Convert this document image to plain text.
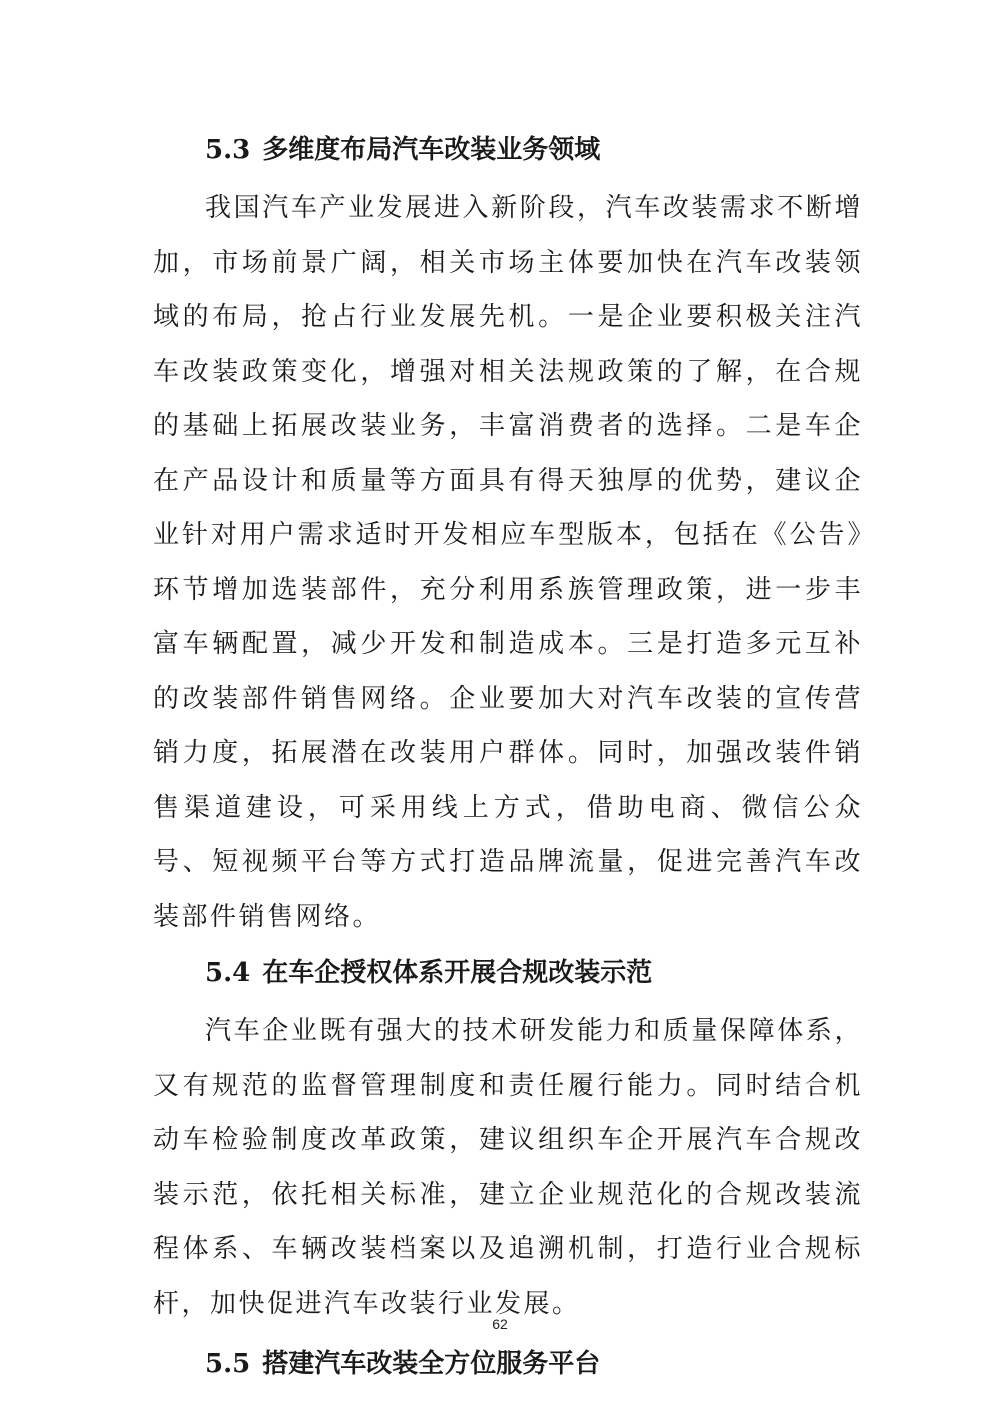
5.3 多维度布局汽车改装业务领域

我国汽车产业发展进入新阶段，汽车改装需求不断增加，市场前景广阔，相关市场主体要加快在汽车改装领域的布局，抢占行业发展先机。一是企业要积极关注汽车改装政策变化，增强对相关法规政策的了解，在合规的基础上拓展改装业务，丰富消费者的选择。二是车企在产品设计和质量等方面具有得天独厚的优势，建议企业针对用户需求适时开发相应车型版本，包括在《公告》环节增加选装部件，充分利用系族管理政策，进一步丰富车辆配置，减少开发和制造成本。三是打造多元互补的改装部件销售网络。企业要加大对汽车改装的宣传营销力度，拓展潜在改装用户群体。同时，加强改装件销售渠道建设，可采用线上方式，借助电商、微信公众号、短视频平台等方式打造品牌流量，促进完善汽车改装部件销售网络。

5.4 在车企授权体系开展合规改装示范

汽车企业既有强大的技术研发能力和质量保障体系，又有规范的监督管理制度和责任履行能力。同时结合机动车检验制度改革政策，建议组织车企开展汽车合规改装示范，依托相关标准，建立企业规范化的合规改装流程体系、车辆改装档案以及追溯机制，打造行业合规标杆，加快促进汽车改装行业发展。

5.5 搭建汽车改装全方位服务平台
62
